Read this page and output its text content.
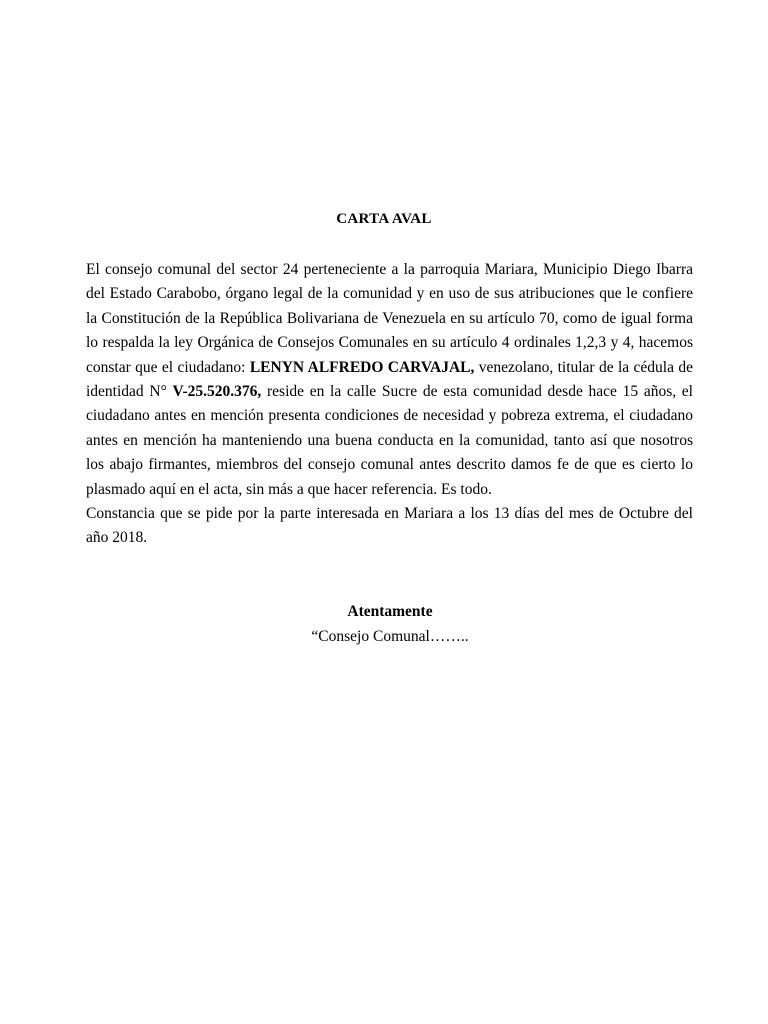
CARTA AVAL

El consejo comunal del sector 24 perteneciente a la parroquia Mariara, Municipio Diego Ibarra del Estado Carabobo, órgano legal de la comunidad y en uso de sus atribuciones que le confiere la Constitución de la República Bolivariana de Venezuela en su artículo 70, como de igual forma lo respalda la ley Orgánica de Consejos Comunales en su artículo 4 ordinales 1,2,3 y 4, hacemos constar que el ciudadano: LENYN ALFREDO CARVAJAL, venezolano, titular de la cédula de identidad N° V-25.520.376, reside en la calle Sucre de esta comunidad desde hace 15 años, el ciudadano antes en mención presenta condiciones de necesidad y pobreza extrema, el ciudadano antes en mención ha manteniendo una buena conducta en la comunidad, tanto así que nosotros los abajo firmantes, miembros del consejo comunal antes descrito damos fe de que es cierto lo plasmado aquí en el acta, sin más a que hacer referencia. Es todo.

Constancia que se pide por la parte interesada en Mariara a los 13 días del mes de Octubre del año 2018.

Atentamente
“Consejo Comunal……..
